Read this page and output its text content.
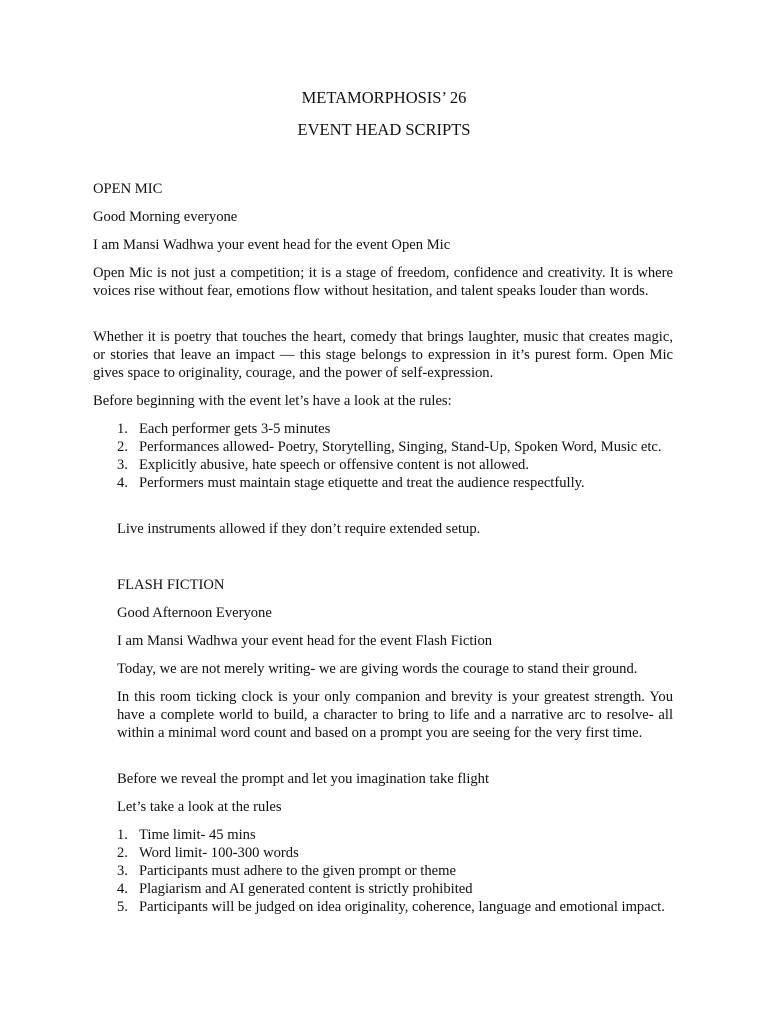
METAMORPHOSIS’ 26
EVENT HEAD SCRIPTS

OPEN MIC

Good Morning everyone

I am Mansi Wadhwa your event head for the event Open Mic

Open Mic is not just a competition; it is a stage of freedom, confidence and creativity. It is where voices rise without fear, emotions flow without hesitation, and talent speaks louder than words.

Whether it is poetry that touches the heart, comedy that brings laughter, music that creates magic, or stories that leave an impact — this stage belongs to expression in it’s purest form. Open Mic gives space to originality, courage, and the power of self-expression.

Before beginning with the event let’s have a look at the rules:

1. Each performer gets 3-5 minutes
2. Performances allowed- Poetry, Storytelling, Singing, Stand-Up, Spoken Word, Music etc.
3. Explicitly abusive, hate speech or offensive content is not allowed.
4. Performers must maintain stage etiquette and treat the audience respectfully.

Live instruments allowed if they don’t require extended setup.

FLASH FICTION

Good Afternoon Everyone

I am Mansi Wadhwa your event head for the event Flash Fiction

Today, we are not merely writing- we are giving words the courage to stand their ground.

In this room ticking clock is your only companion and brevity is your greatest strength. You have a complete world to build, a character to bring to life and a narrative arc to resolve- all within a minimal word count and based on a prompt you are seeing for the very first time.

Before we reveal the prompt and let you imagination take flight

Let’s take a look at the rules

1. Time limit- 45 mins
2. Word limit- 100-300 words
3. Participants must adhere to the given prompt or theme
4. Plagiarism and AI generated content is strictly prohibited
5. Participants will be judged on idea originality, coherence, language and emotional impact.
